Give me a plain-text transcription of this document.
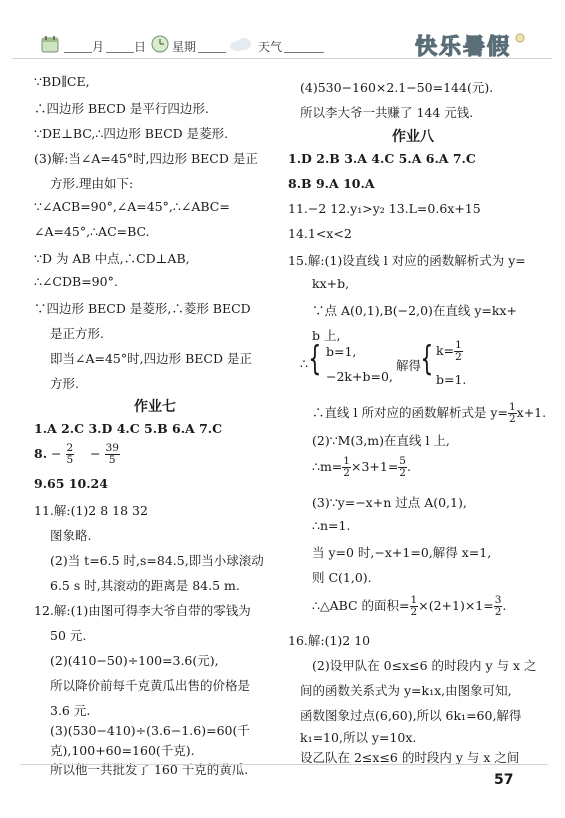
月 日 星期	天气	快乐暑假
∵BD∥CE,
∴四边形 BECD 是平行四边形.
∵DE⊥BC,∴四边形 BECD 是菱形.
(3)解:当∠A=45°时,四边形 BECD 是正
方形.理由如下:
∵∠ACB=90°,∠A=45°,∴∠ABC=
∠A=45°,∴AC=BC.
∵D 为 AB 中点,∴CD⊥AB,
∴∠CDB=90°.
∵四边形 BECD 是菱形,∴菱形 BECD
是正方形.
即当∠A=45°时,四边形 BECD 是正
方形.
作业七
1.A 2.C 3.D 4.C 5.B 6.A 7.C
8. − $\frac{2}{5} - \frac{39}{5}$
9.65 10.24
11.解:(1)2 8 18 32
图象略.
(2)当 t=6.5 时,s=84.5,即当小球滚动
6.5 s 时,其滚动的距离是 84.5 m.
12.解:(1)由图可得李大爷自带的零钱为
50 元.
(2)(410−50)÷100=3.6(元),
所以降价前每千克黄瓜出售的价格是
3.6 元.
(3)(530−410)÷(3.6−1.6)=60(千
克),100+60=160(千克).
所以他一共批发了 160 千克的黄瓜.
(4)530−160×2.1−50=144(元).
所以李大爷一共赚了 144 元钱.
作业八
1.D 2.B 3.A 4.C 5.A 6.A 7.C
8.B 9.A 10.A
11.−2 12.y₁>y₂ 13.L=0.6x+15
14.1<x<2
15.解:(1)设直线 l 对应的函数解析式为 y=
kx+b,
∵点 A(0,1),B(−2,0)在直线 y=kx+
b 上,
∴ { b=1,
−2k+b=0,
解得 { $k= \frac{1}{2}$
b=1.
∴直线 l 所对应的函数解析式是 $y= \frac{1}{2} x+1$.
(2)∵M(3,m)在直线 l 上,
∴m= $\frac{1}{2} \times 3+1= \frac{5}{2}$ .
(3)∵y=−x+n 过点 A(0,1),
∴n=1.
当 y=0 时,−x+1=0,解得 x=1,
则 C(1,0).
∴△ABC 的面积= $\frac{1}{2} \times(2+1)\times 1= \frac{3}{2}$ .
16.解:(1)2 10
(2)设甲队在 0≤x≤6 的时段内 y 与 x 之
间的函数关系式为 y=k₁x,由图象可知,
函数图象过点(6,60),所以 6k₁=60,解得
k₁=10,所以 y=10x.
设乙队在 2≤x≤6 的时段内 y 与 x 之间
57
